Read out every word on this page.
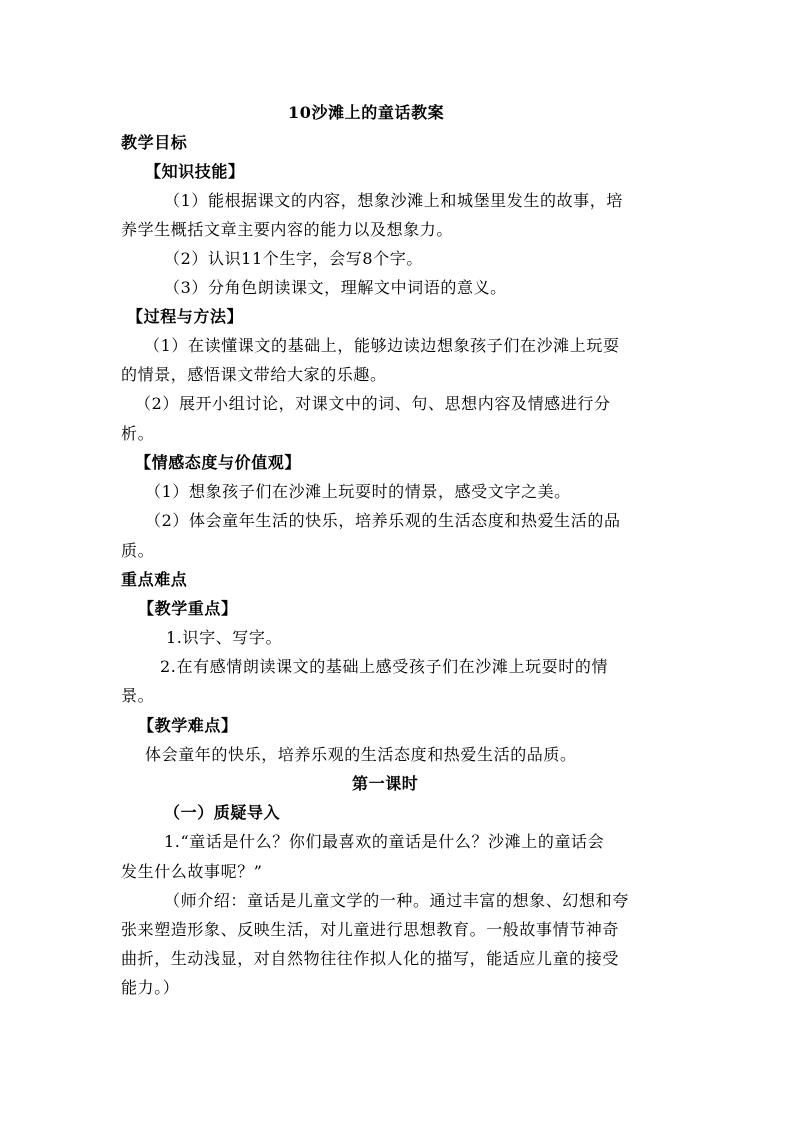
10沙滩上的童话教案
教学目标
【知识技能】
（1）能根据课文的内容，想象沙滩上和城堡里发生的故事，培
养学生概括文章主要内容的能力以及想象力。
（2）认识11个生字，会写8个字。
（3）分角色朗读课文，理解文中词语的意义。
【过程与方法】
（1）在读懂课文的基础上，能够边读边想象孩子们在沙滩上玩耍
的情景，感悟课文带给大家的乐趣。
（2）展开小组讨论，对课文中的词、句、思想内容及情感进行分
析。
【情感态度与价值观】
（1）想象孩子们在沙滩上玩耍时的情景，感受文字之美。
（2）体会童年生活的快乐，培养乐观的生活态度和热爱生活的品
质。
重点难点
【教学重点】
1.识字、写字。
2.在有感情朗读课文的基础上感受孩子们在沙滩上玩耍时的情
景。
【教学难点】
体会童年的快乐，培养乐观的生活态度和热爱生活的品质。
第一课时
（一）质疑导入
1.“童话是什么？你们最喜欢的童话是什么？沙滩上的童话会
发生什么故事呢？”
（师介绍：童话是儿童文学的一种。通过丰富的想象、幻想和夸
张来塑造形象、反映生活，对儿童进行思想教育。一般故事情节神奇
曲折，生动浅显，对自然物往往作拟人化的描写，能适应儿童的接受
能力。）
